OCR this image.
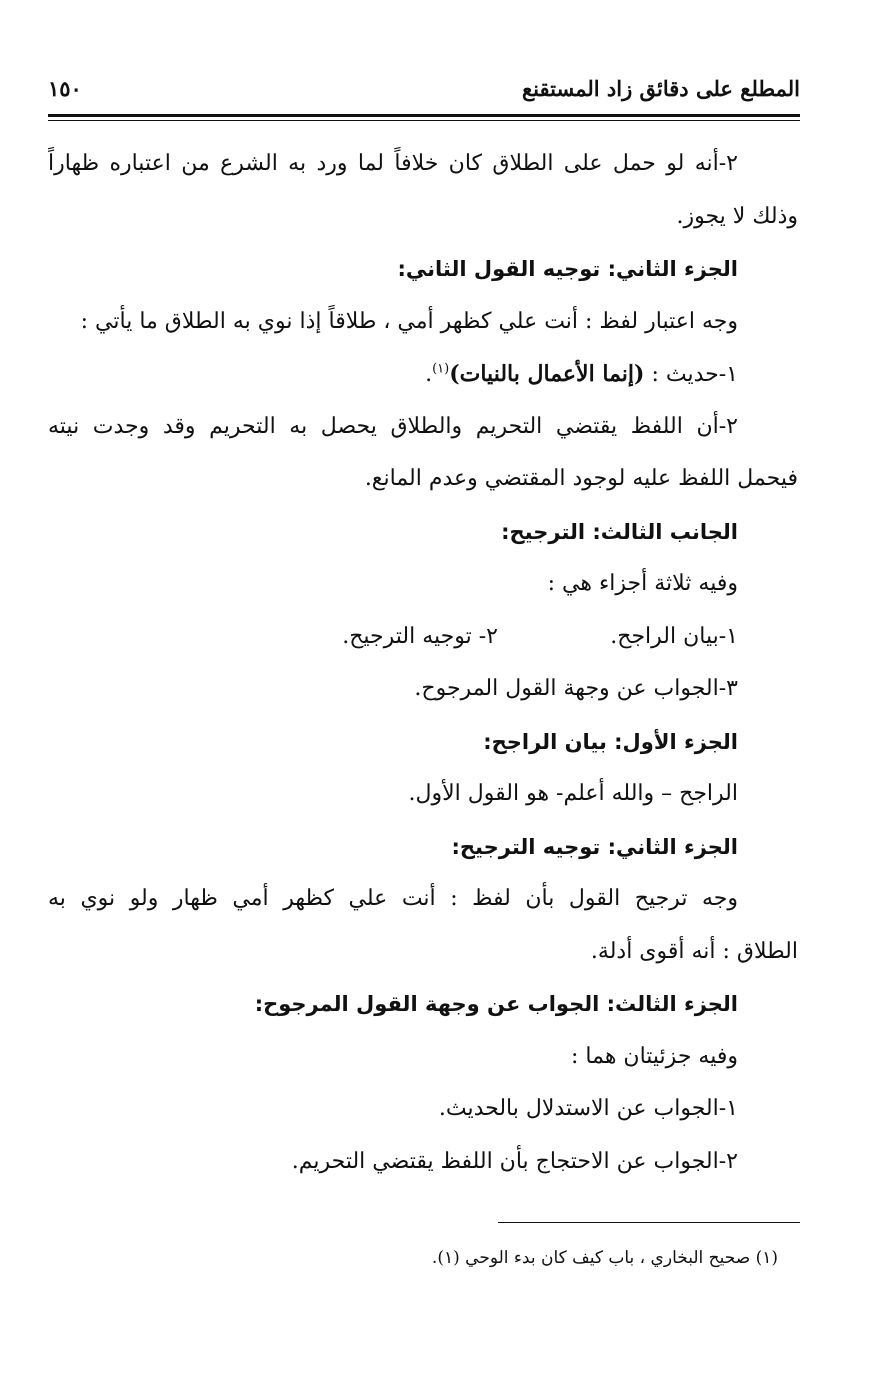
المطلع على دقائق زاد المستقنع
١٥٠
٢-أنه لو حمل على الطلاق كان خلافاً لما ورد به الشرع من اعتباره ظهاراً
وذلك لا يجوز.
الجزء الثاني: توجيه القول الثاني:
وجه اعتبار لفظ : أنت علي كظهر أمي ، طلاقاً إذا نوي به الطلاق ما يأتي :
١-حديث : (إنما الأعمال بالنيات)$^{(١)}$.
٢-أن اللفظ يقتضي التحريم والطلاق يحصل به التحريم وقد وجدت نيته
فيحمل اللفظ عليه لوجود المقتضي وعدم المانع.
الجانب الثالث: الترجيح:
وفيه ثلاثة أجزاء هي :
١-بيان الراجح.
٢- توجيه الترجيح.
٣-الجواب عن وجهة القول المرجوح.
الجزء الأول: بيان الراجح:
الراجح – والله أعلم- هو القول الأول.
الجزء الثاني: توجيه الترجيح:
وجه ترجيح القول بأن لفظ : أنت علي كظهر أمي ظهار ولو نوي به
الطلاق : أنه أقوى أدلة.
الجزء الثالث: الجواب عن وجهة القول المرجوح:
وفيه جزئيتان هما :
١-الجواب عن الاستدلال بالحديث.
٢-الجواب عن الاحتجاج بأن اللفظ يقتضي التحريم.
(١) صحيح البخاري ، باب كيف كان بدء الوحي (١).
